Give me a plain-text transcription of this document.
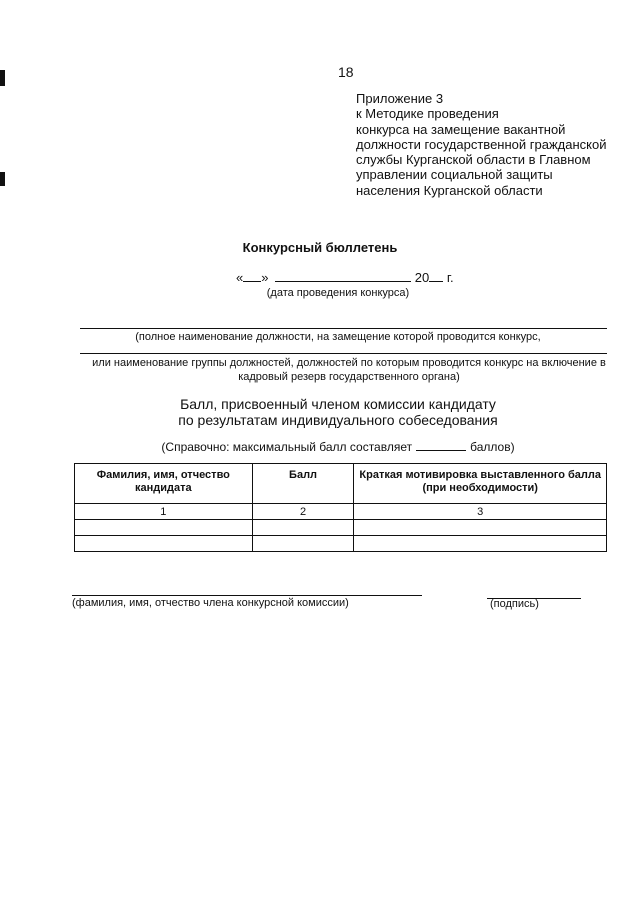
18
Приложение 3
к Методике проведения
конкурса на замещение вакантной
должности государственной гражданской
службы Курганской области в Главном
управлении социальной защиты
населения Курганской области
Конкурсный бюллетень
« »	20 г.
(дата проведения конкурса)
(полное наименование должности, на замещение которой проводится конкурс,
или наименование группы должностей, должностей по которым проводится конкурс на включение в кадровый резерв государственного органа)
Балл, присвоенный членом комиссии кандидату
по результатам индивидуального собеседования
(Справочно: максимальный балл составляет	баллов)
Фамилия, имя, отчество кандидата	Балл	Краткая мотивировка выставленного балла (при необходимости)
1	2	3

(фамилия, имя, отчество члена конкурсной комиссии)	(подпись)
